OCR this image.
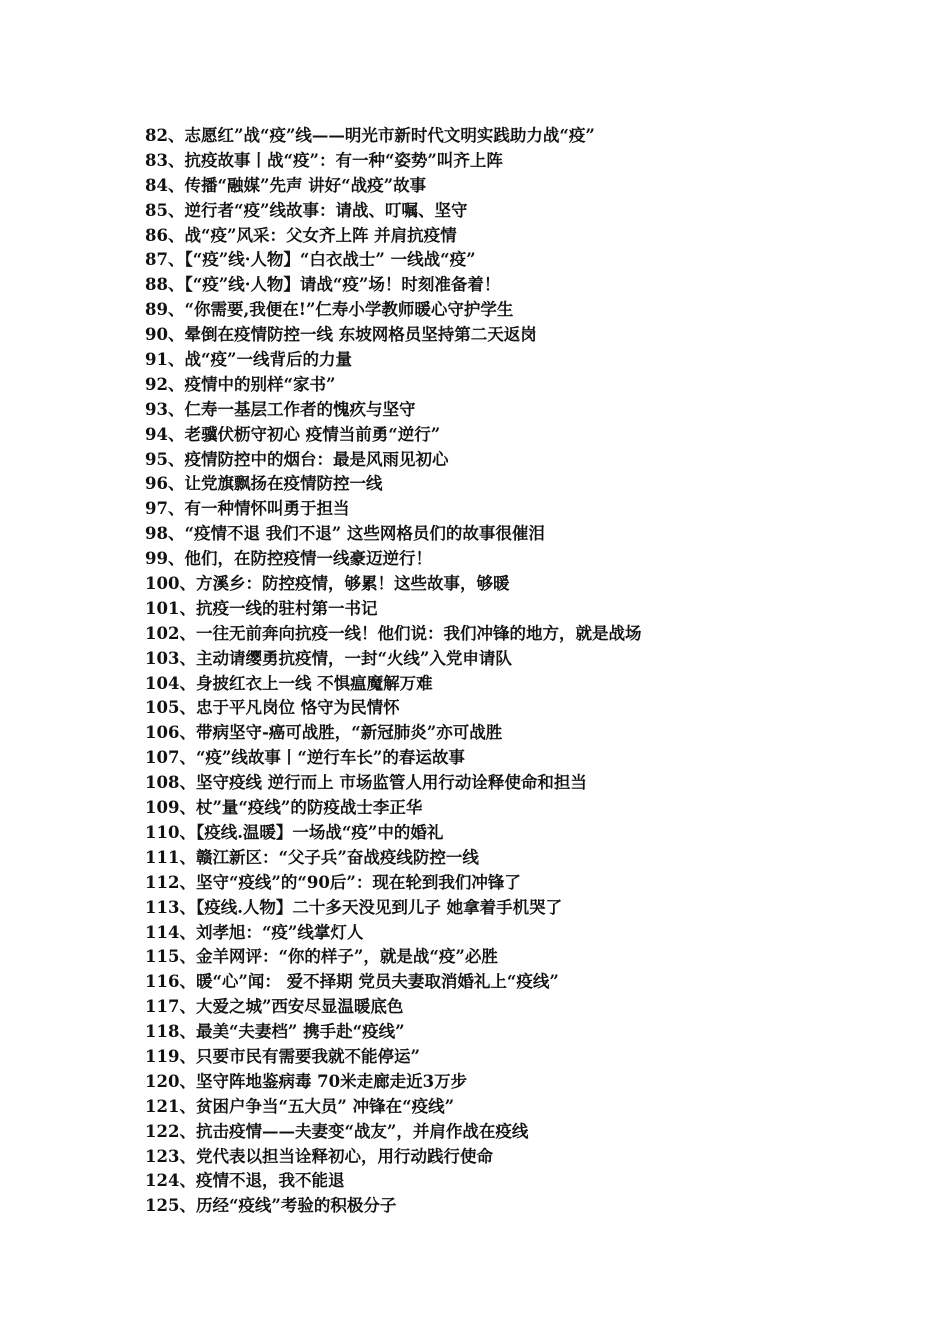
82、志愿红”战“疫”线——明光市新时代文明实践助力战“疫”
83、抗疫故事丨战“疫”：有一种“姿势”叫齐上阵
84、传播“融媒”先声 讲好“战疫”故事
85、逆行者“疫”线故事：请战、叮嘱、坚守
86、战“疫”风采：父女齐上阵 并肩抗疫情
87、【“疫”线·人物】“白衣战士” 一线战“疫”
88、【“疫”线·人物】请战“疫”场！时刻准备着！
89、“你需要,我便在!”仁寿小学教师暖心守护学生
90、晕倒在疫情防控一线 东坡网格员坚持第二天返岗
91、战“疫”一线背后的力量
92、疫情中的别样“家书”
93、仁寿一基层工作者的愧疚与坚守
94、老骥伏枥守初心 疫情当前勇“逆行”
95、疫情防控中的烟台：最是风雨见初心
96、让党旗飘扬在疫情防控一线
97、有一种情怀叫勇于担当
98、“疫情不退 我们不退” 这些网格员们的故事很催泪
99、他们，在防控疫情一线豪迈逆行！
100、方溪乡：防控疫情，够累！这些故事，够暖
101、抗疫一线的驻村第一书记
102、一往无前奔向抗疫一线！他们说：我们冲锋的地方，就是战场
103、主动请缨勇抗疫情，一封“火线”入党申请队
104、身披红衣上一线 不惧瘟魔解万难
105、忠于平凡岗位 恪守为民情怀
106、带病坚守-癌可战胜，“新冠肺炎”亦可战胜
107、“疫”线故事丨“逆行车长”的春运故事
108、坚守疫线 逆行而上 市场监管人用行动诠释使命和担当
109、杖”量“疫线”的防疫战士李正华
110、【疫线.温暖】一场战“疫”中的婚礼
111、赣江新区：“父子兵”奋战疫线防控一线
112、坚守“疫线”的“90后”：现在轮到我们冲锋了
113、【疫线.人物】二十多天没见到儿子 她拿着手机哭了
114、刘孝旭：“疫”线掌灯人
115、金羊网评：“你的样子”，就是战“疫”必胜
116、暖“心”闻： 爱不择期 党员夫妻取消婚礼上“疫线”
117、大爱之城”西安尽显温暖底色
118、最美“夫妻档” 携手赴“疫线”
119、只要市民有需要我就不能停运”
120、坚守阵地鉴病毒 70米走廊走近3万步
121、贫困户争当“五大员” 冲锋在“疫线”
122、抗击疫情——夫妻变“战友”，并肩作战在疫线
123、党代表以担当诠释初心，用行动践行使命
124、疫情不退，我不能退
125、历经“疫线”考验的积极分子
